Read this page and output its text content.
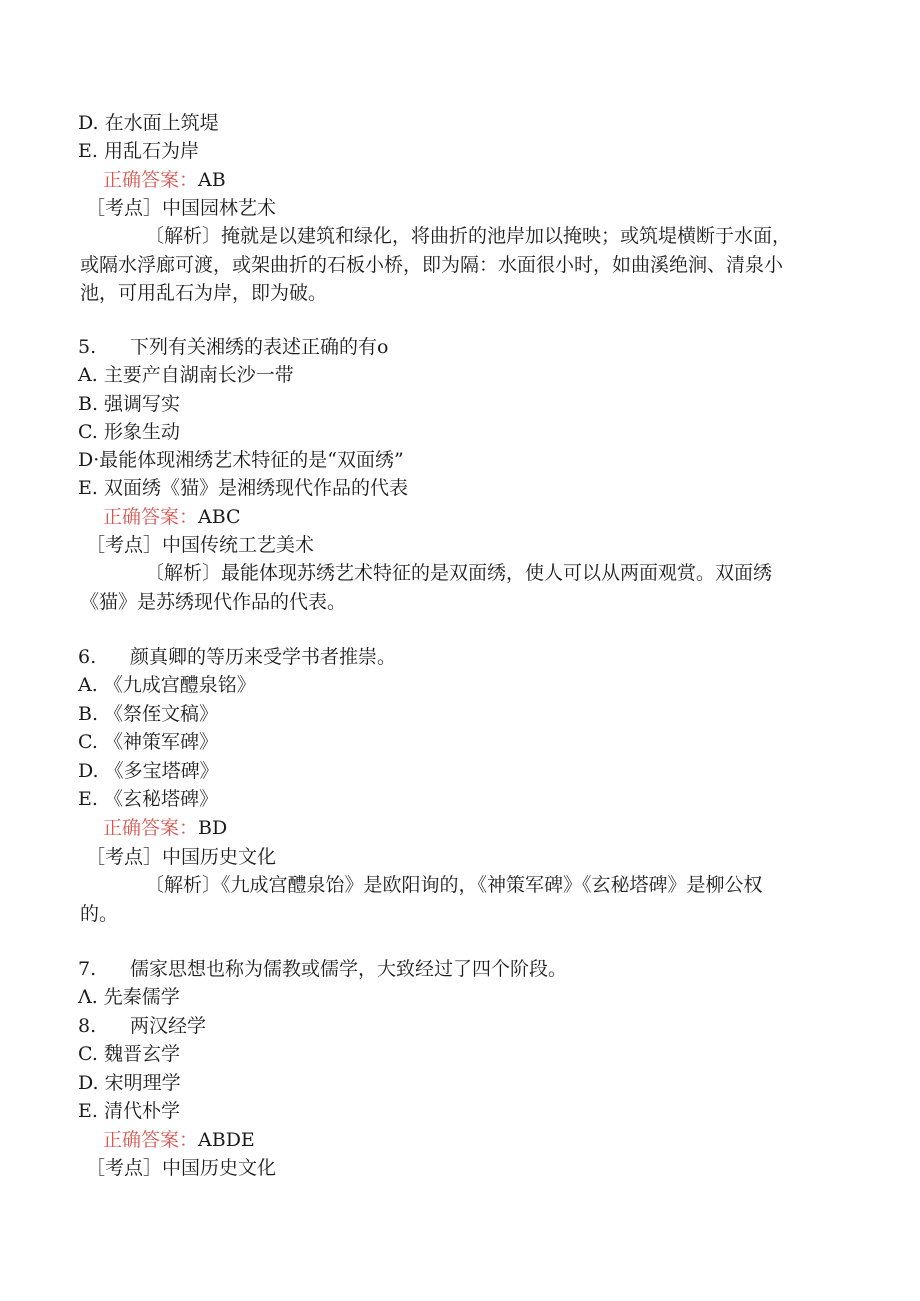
D. 在水面上筑堤
E. 用乱石为岸
正确答案：AB
［考点］中国园林艺术
〔解析〕掩就是以建筑和绿化，将曲折的池岸加以掩映；或筑堤横断于水面，
或隔水浮廊可渡，或架曲折的石板小桥，即为隔：水面很小时，如曲溪绝涧、清泉小
池，可用乱石为岸，即为破。
5. 下列有关湘绣的表述正确的有o
A. 主要产自湖南长沙一带
B. 强调写实
C. 形象生动
D·最能体现湘绣艺术特征的是“双面绣”
E. 双面绣《猫》是湘绣现代作品的代表
正确答案：ABC
［考点］中国传统工艺美术
〔解析〕最能体现苏绣艺术特征的是双面绣，使人可以从两面观赏。双面绣
《猫》是苏绣现代作品的代表。
6. 颜真卿的等历来受学书者推崇。
A. 《九成宫醴泉铭》
B. 《祭侄文稿》
C. 《神策军碑》
D. 《多宝塔碑》
E. 《玄秘塔碑》
正确答案：BD
［考点］中国历史文化
〔解析〕《九成宫醴泉饴》是欧阳询的，《神策军碑》《玄秘塔碑》是柳公权
的。
7. 儒家思想也称为儒教或儒学，大致经过了四个阶段。
Λ. 先秦儒学
8. 两汉经学
C. 魏晋玄学
D. 宋明理学
E. 清代朴学
正确答案：ABDE
［考点］中国历史文化
